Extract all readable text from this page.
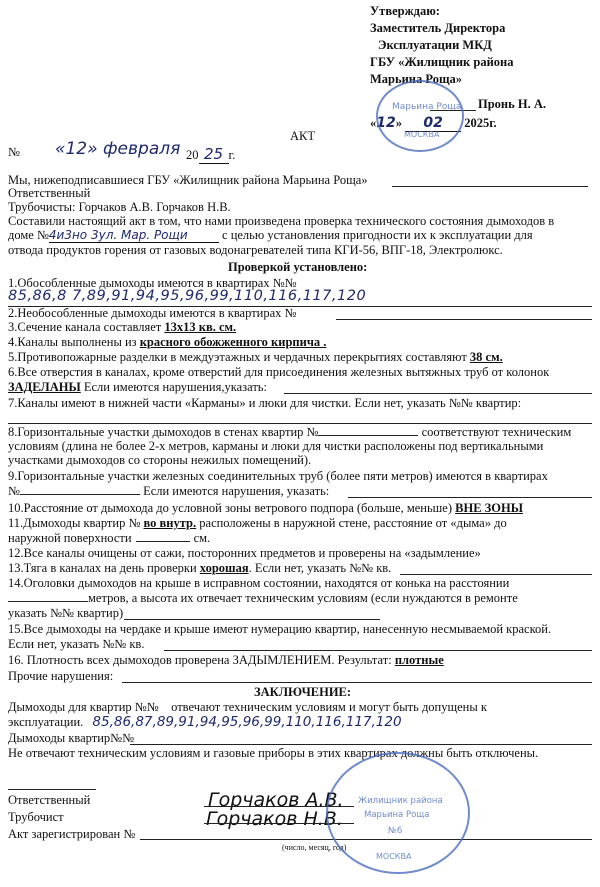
Утверждаю:
Заместитель Директора
Эксплуатации МКД
ГБУ «Жилищник района
Марьина Роща»
Пронь Н. А.
«12» 02 2025г.
Марьина Роща
МОСКВА
АКТ
№ «12» февраля 20 25 г.
Мы, нижеподписавшиеся ГБУ «Жилищник района Марьина Роща»
Ответственный
Трубочисты: Горчаков А.В. Горчаков Н.В.
Составили настоящий акт в том, что нами произведена проверка технического состояния дымоходов в
доме №4и3но 3ул. Мар. Рощи	с целью установления пригодности их к эксплуатации для
отвода продуктов горения от газовых водонагревателей типа КГИ-56, ВПГ-18, Электролюкс.
Проверкой установлено:
1.Обособленные дымоходы имеются в квартирах №№
85,86,8 7,89,91,94,95,96,99,110,116,117,120
2.Необособленные дымоходы имеются в квартирах №
3.Сечение канала составляет 13х13 кв. см.
4.Каналы выполнены из красного обожженного кирпича .
5.Противопожарные разделки в междуэтажных и чердачных перекрытиях составляют 38 см.
6.Все отверстия в каналах, кроме отверстий для присоединения железных вытяжных труб от колонок
ЗАДЕЛАНЫ Если имеются нарушения,указать:
7.Каналы имеют в нижней части «Карманы» и люки для чистки. Если нет, указать №№ квартир:
8.Горизонтальные участки дымоходов в стенах квартир №	соответствуют техническим
условиям (длина не более 2-х метров, карманы и люки для чистки расположены под вертикальными
участками дымоходов со стороны нежилых помещений).
9.Горизонтальные участки железных соединительных труб (более пяти метров) имеются в квартирах
№	Если имеются нарушения, указать:
10.Расстояние от дымохода до условной зоны ветрового подпора (больше, меньше) ВНЕ ЗОНЫ
11.Дымоходы квартир № во внутр. расположены в наружной стене, расстояние от «дыма» до
наружной поверхности	см.
12.Все каналы очищены от сажи, посторонних предметов и проверены на «задымление»
13.Тяга в каналах на день проверки хорошая. Если нет, указать №№ кв.
14.Оголовки дымоходов на крыше в исправном состоянии, находятся от конька на расстоянии
метров, а высота их отвечает техническим условиям (если нуждаются в ремонте
указать №№ квартир)
15.Все дымоходы на чердаке и крыше имеют нумерацию квартир, нанесенную несмываемой краской.
Если нет, указать №№ кв.
16. Плотность всех дымоходов проверена ЗАДЫМЛЕНИЕМ. Результат: плотные
Прочие нарушения:
ЗАКЛЮЧЕНИЕ:
Дымоходы для квартир №№ отвечают техническим условиям и могут быть допущены к
эксплуатации. 85,86,87,89,91,94,95,96,99,110,116,117,120
Дымоходы квартир№№
Не отвечают техническим условиям и газовые приборы в этих квартирах должны быть отключены.
Ответственный
Трубочист
Акт зарегистрирован №
(число, месяц, год)
Горчаков А.В.
Горчаков Н.В.
Жилищник района
Марьина Роща
№6
МОСКВА
